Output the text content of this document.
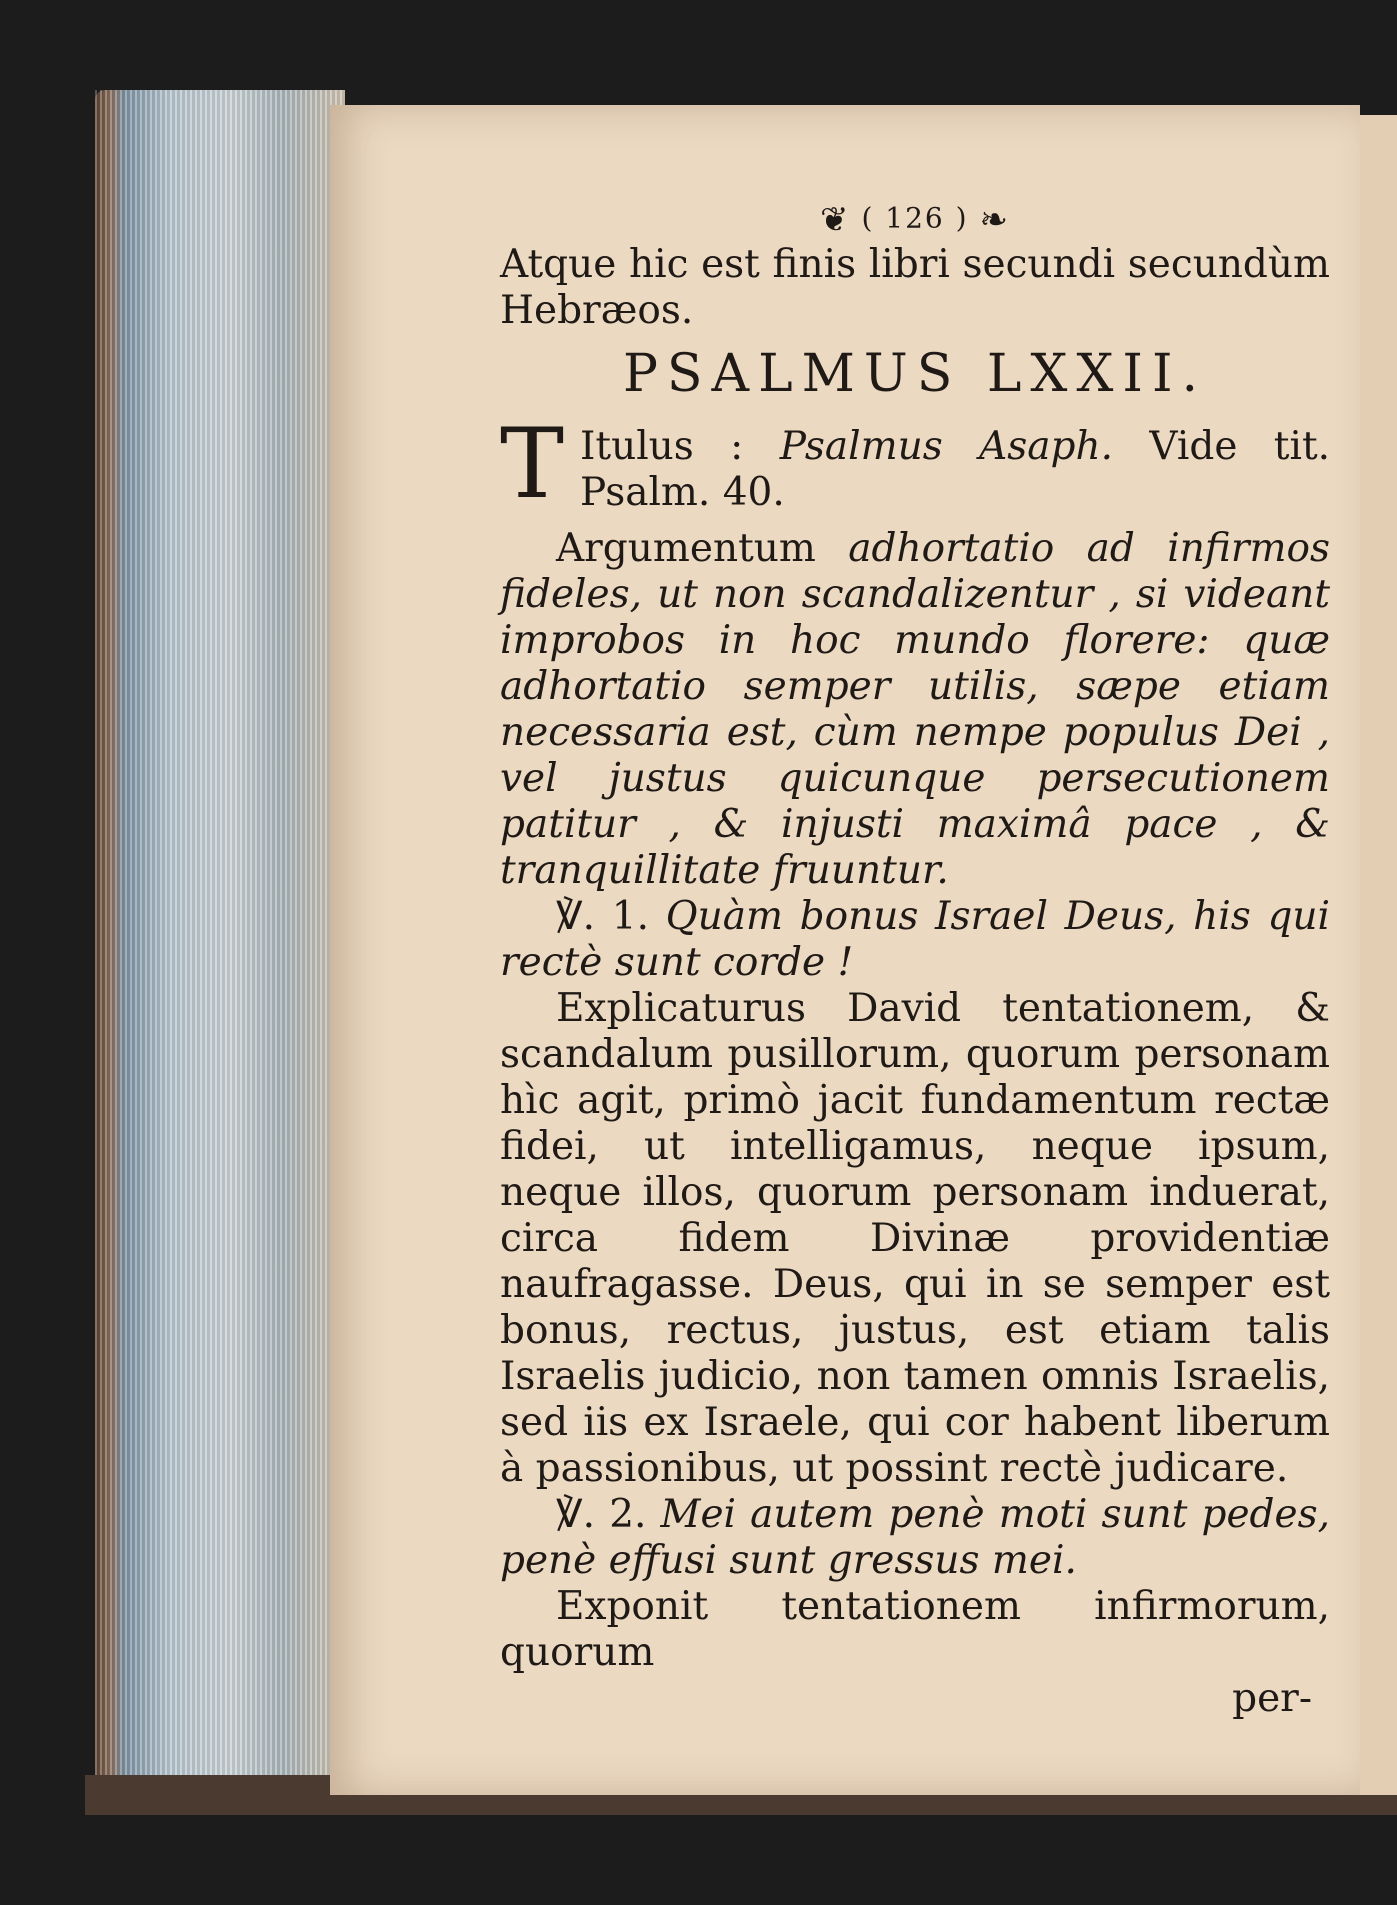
❦ ( 126 ) ❧

Atque hic est finis libri secundi secundùm Hebræos.

PSALMUS LXXII.
T Itulus : Psalmus Asaph. Vide tit. Psalm. 40.

Argumentum adhortatio ad infirmos fideles, ut non scandalizentur , si videant improbos in hoc mundo florere: quæ adhortatio semper utilis, sæpe etiam necessaria est, cùm nempe populus Dei , vel justus quicunque persecutionem patitur , & injusti maximâ pace , & tranquillitate fruuntur.

℣. 1. Quàm bonus Israel Deus, his qui rectè sunt corde !

Explicaturus David tentationem, & scandalum pusillorum, quorum personam hìc agit, primò jacit fundamentum rectæ fidei, ut intelligamus, neque ipsum, neque illos, quorum personam induerat, circa fidem Divinæ providentiæ naufragasse. Deus, qui in se semper est bonus, rectus, justus, est etiam talis Israelis judicio, non tamen omnis Israelis, sed iis ex Israele, qui cor habent liberum à passionibus, ut possint rectè judicare.

℣. 2. Mei autem penè moti sunt pedes, penè effusi sunt gressus mei.

Exponit tentationem infirmorum, quorum

per-
